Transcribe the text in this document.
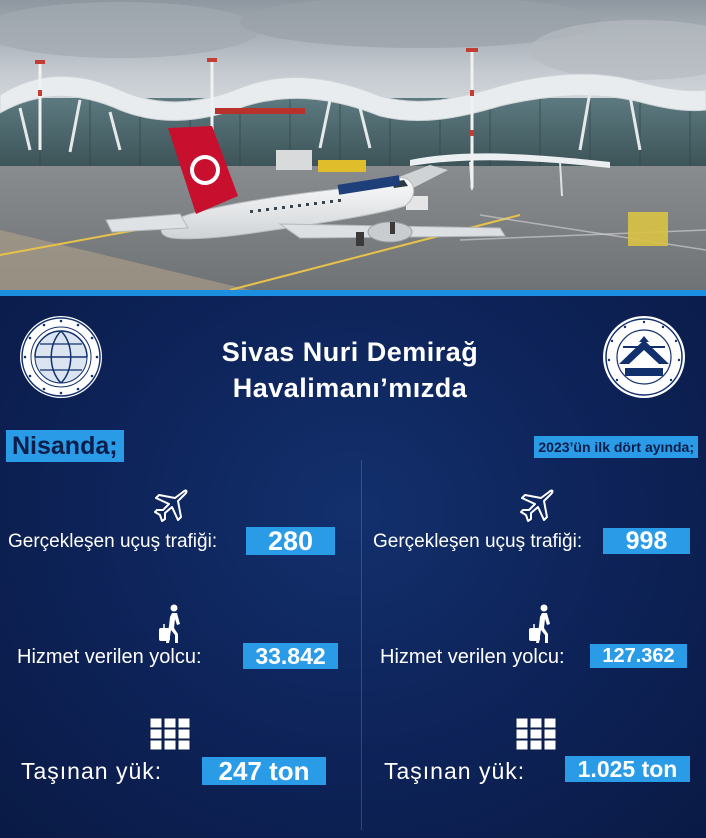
Sivas Nuri Demirağ
Havalimanı’mızda
Nisanda;	2023’ün ilk dört ayında;
Gerçekleşen uçuş trafiği:	280
Hizmet verilen yolcu:	33.842
Taşınan yük:	247 ton
Gerçekleşen uçuş trafiği:	998
Hizmet verilen yolcu:	127.362
Taşınan yük:	1.025 ton
